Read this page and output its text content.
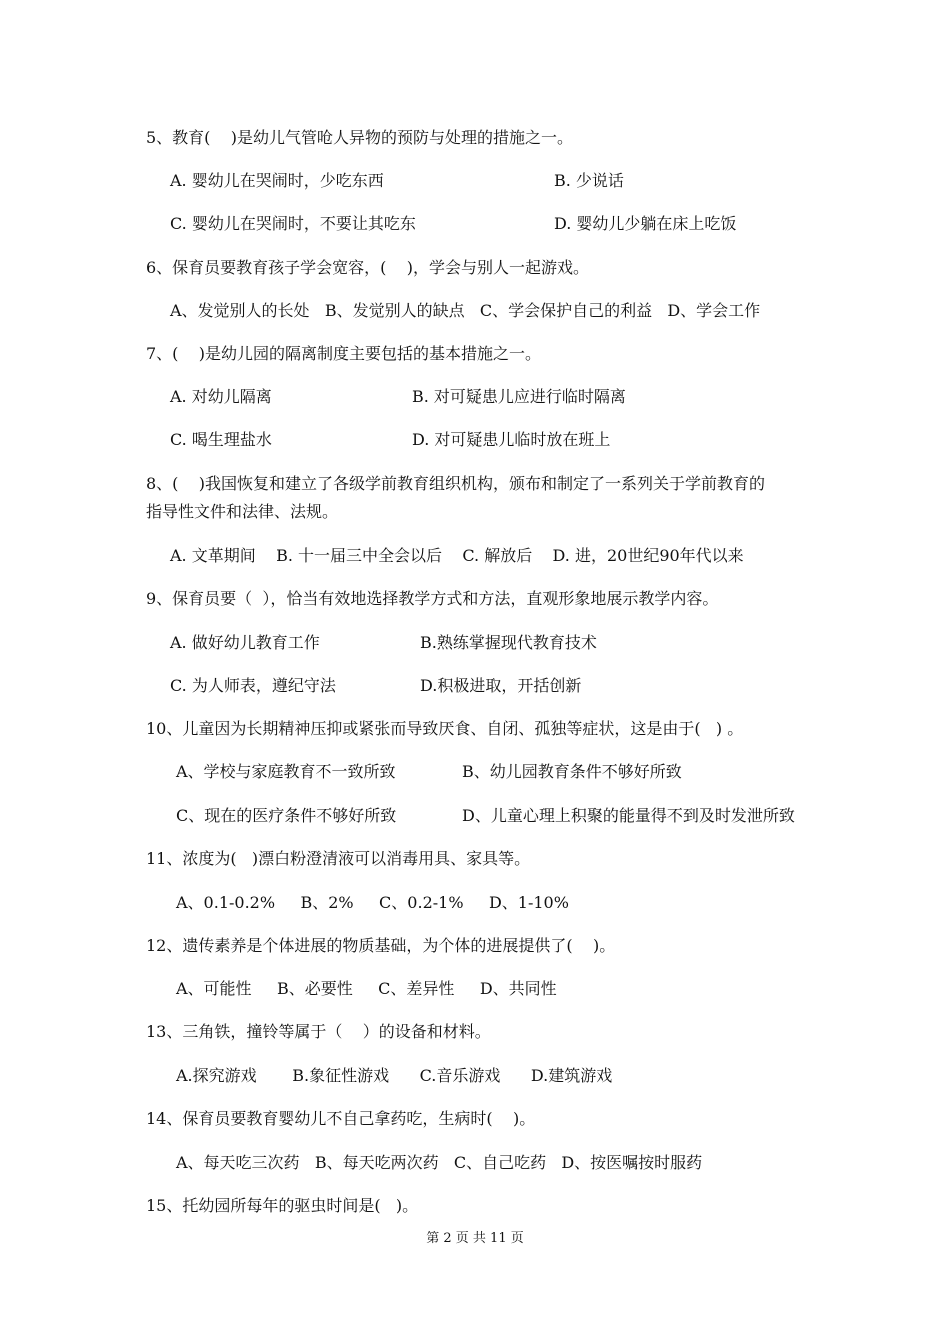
5、教育(    )是幼儿气管呛人异物的预防与处理的措施之一。
A. 婴幼儿在哭闹时，少吃东西	B. 少说话
C. 婴幼儿在哭闹时，不要让其吃东	D. 婴幼儿少躺在床上吃饭
6、保育员要教育孩子学会宽容，(    )，学会与别人一起游戏。
A、发觉别人的长处   B、发觉别人的缺点   C、学会保护自己的利益   D、学会工作
7、(    )是幼儿园的隔离制度主要包括的基本措施之一。
A. 对幼儿隔离	B. 对可疑患儿应进行临时隔离
C. 喝生理盐水	D. 对可疑患儿临时放在班上
8、(    )我国恢复和建立了各级学前教育组织机构，颁布和制定了一系列关于学前教育的
指导性文件和法律、法规。
A. 文革期间    B. 十一届三中全会以后    C. 解放后    D. 进，20世纪90年代以来
9、保育员要（  ），恰当有效地选择教学方式和方法，直观形象地展示教学内容。
A. 做好幼儿教育工作	B.熟练掌握现代教育技术
C. 为人师表，遵纪守法	D.积极进取，开括创新
10、儿童因为长期精神压抑或紧张而导致厌食、自闭、孤独等症状，这是由于(   ) 。
A、学校与家庭教育不一致所致	B、幼儿园教育条件不够好所致
C、现在的医疗条件不够好所致	D、儿童心理上积聚的能量得不到及时发泄所致
11、浓度为(   )漂白粉澄清液可以消毒用具、家具等。
A、0.1-0.2%     B、2%     C、0.2-1%     D、1-10%
12、遗传素养是个体进展的物质基础，为个体的进展提供了(    )。
A、可能性     B、必要性     C、差异性     D、共同性
13、三角铁，撞铃等属于（    ）的设备和材料。
A.探究游戏       B.象征性游戏      C.音乐游戏      D.建筑游戏
14、保育员要教育婴幼儿不自己拿药吃，生病时(    )。
A、每天吃三次药   B、每天吃两次药   C、自己吃药   D、按医嘱按时服药
15、托幼园所每年的驱虫时间是(   )。
第 2 页 共 11 页
